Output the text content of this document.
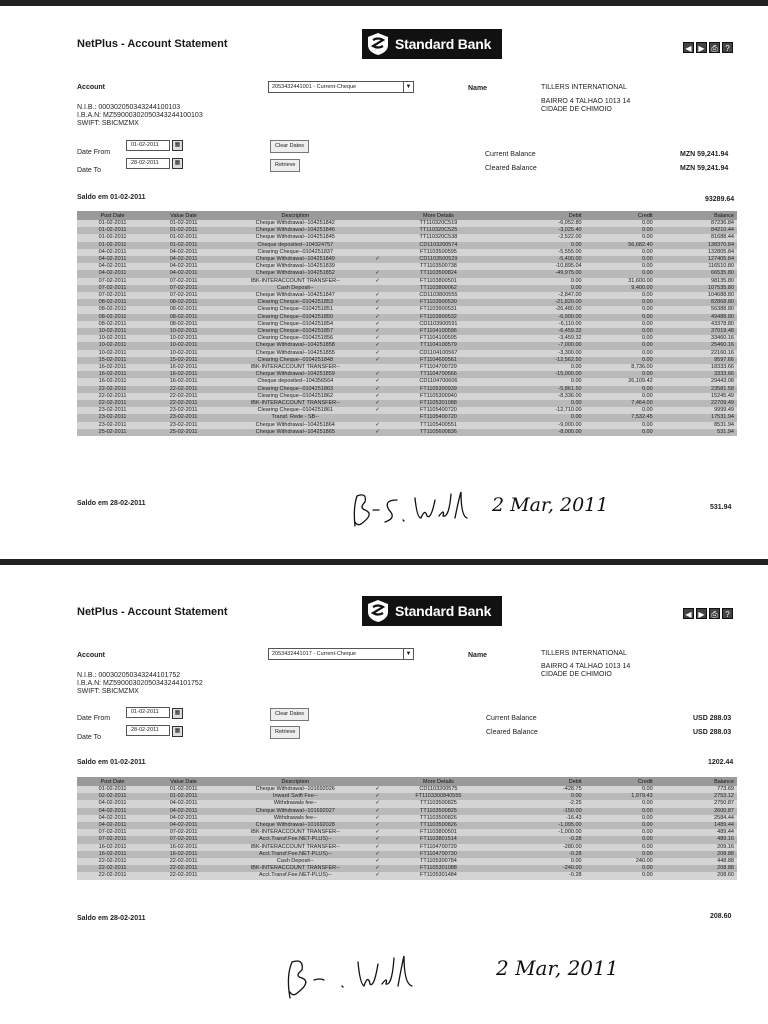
NetPlus - Account Statement	Standard Bank	◀ ▶ ⎙ ?
Account	2053432441001 - Current-Cheque	▼	Name	TILLERS INTERNATIONAL
BAIRRO 4 TALHAO 1013 14
CIDADE DE CHIMOIO
N.I.B.: 000302050343244100103
I.B.A.N: MZ59000302050343244100103
SWIFT: SBICMZMX
Date From
01-02-2011	▦
Date To
28-02-2011	▦
Clear Dates
Retrieve
Current Balance	MZN 59,241.94
Cleared Balance	MZN 59,241.94
Saldo em 01-02-2011	93289.64
Post Date	Value Date	Description		More Details	Debit	Credit	Balance
01-02-2011	01-02-2011	Cheque Withdrawal--104251842		TT110320C519	-6,052.80	0.00	87236.84
01-02-2011	01-02-2011	Cheque Withdrawal--104251846		TT110320C525	-3,025.40	0.00	84210.44
01-02-2011	01-02-2011	Cheque Withdrawal--104251845		TT110320C538	-2,522.00	0.00	81688.44
01-02-2011	01-02-2011	Cheque deposited--104324757		CD1103200574	0.00	56,682.40	138370.84
04-02-2011	04-02-2011	Clearing Cheque--0104251837		FT1103500595	-5,555.00	0.00	132805.84
04-02-2011	04-02-2011	Cheque Withdrawal--104251849	✓	CD1103500529	-5,400.00	0.00	127405.84
04-02-2011	04-02-2011	Cheque Withdrawal--104251839		TT1103500738	-10,895.04	0.00	116510.80
04-02-2011	04-02-2011	Cheque Withdrawal--104251852	✓	TT1103500824	-49,975.00	0.00	66535.80
07-02-2011	07-02-2011	IBK-INTERACCOUNT TRANSFER--	✓	FT1103800501	0.00	31,600.00	98135.80
07-02-2011	07-02-2011	Cash Deposit--		TT1103800062	0.00	9,400.00	107535.80
07-02-2011	07-02-2011	Cheque Withdrawal--104251847	✓	CD1103800555	-2,847.00	0.00	104688.80
08-02-2011	08-02-2011	Clearing Cheque--0104251853	✓	FT1103900530	-21,820.00	0.00	82868.80
08-02-2011	08-02-2011	Clearing Cheque--0104251851	✓	FT1103900531	-26,480.00	0.00	56388.80
08-02-2011	08-02-2011	Clearing Cheque--0104251850	✓	FT1103900532	-6,900.00	0.00	49488.80
08-02-2011	08-02-2011	Clearing Cheque--0104251854	✓	CD1103900591	-6,110.00	0.00	43378.80
10-02-2011	10-02-2011	Clearing Cheque--0104251857	✓	FT1104100596	-6,459.32	0.00	37019.48
10-02-2011	10-02-2011	Clearing Cheque--0104251856	✓	FT1104100595	-3,459.32	0.00	33460.16
10-02-2011	10-02-2011	Cheque Withdrawal--104251858	✓	TT1104100579	-7,000.00	0.00	25460.16
10-02-2011	10-02-2011	Cheque Withdrawal--104251855	✓	CD1104100567	-3,300.00	0.00	22160.16
15-02-2011	15-02-2011	Clearing Cheque--0104251848	✓	FT1104600561	-12,562.50	0.00	9597.66
16-02-2011	16-02-2011	IBK-INTERACCOUNT TRANSFER--		FT1104700729	0.00	8,736.00	18333.66
16-02-2011	16-02-2011	Cheque Withdrawal--104251859	✓	TT1104700566	-15,000.00	0.00	3333.66
16-02-2011	16-02-2011	Cheque deposited--104356564	✓	CD1104700606	0.00	26,109.42	29443.08
22-02-2011	22-02-2011	Clearing Cheque--0104251863	✓	FT1105300939	-5,861.50	0.00	23581.58
22-02-2011	22-02-2011	Clearing Cheque--0104251862	✓	FT1105300940	-8,336.00	0.00	15245.49
22-02-2011	22-02-2011	IBK-INTERACCOUNT TRANSFER--	✓	FT1105301088	0.00	7,464.00	22709.49
23-02-2011	23-02-2011	Clearing Cheque--0104251861	✓	FT1105400720	-12,710.00	0.00	9999.49
23-02-2011	23-02-2011	Transf. Rede - SB--		FT1105400720	0.00	7,532.45	17531.94
23-02-2011	23-02-2011	Cheque Withdrawal--104251864	✓	TT1105400551	-9,000.00	0.00	8531.94
25-02-2011	25-02-2011	Cheque Withdrawal--104251865	✓	TT1105600836	-8,000.00	0.00	531.94
Saldo em 28-02-2011
531.94
2 Mar, 2011
NetPlus - Account Statement	Standard Bank	◀ ▶ ⎙ ?
Account	2053432441017 - Current-Cheque	▼	Name	TILLERS INTERNATIONAL
BAIRRO 4 TALHAO 1013 14
CIDADE DE CHIMOIO
N.I.B.: 000302050343244101752
I.B.A.N: MZ59000302050343244101752
SWIFT: SBICMZMX
Date From
01-02-2011	▦
Date To
28-02-2011	▦
Clear Dates
Retrieve
Current Balance	USD 288.03
Cleared Balance	USD 288.03
Saldo em 01-02-2011	1202.44
Post Date	Value Date	Description		More Details	Debit	Credit	Balance
01-02-2011	01-02-2011	Cheque Withdrawal--101692026	✓	CD1103200575	-428.75	0.00	773.69
02-02-2011	01-02-2011	Inward Swift Fee--	✓	FT1103300840555	0.00	1,979.43	2753.12
04-02-2011	04-02-2011	Withdrawals fee--	✓	TT1103500825	-2.25	0.00	2750.87
04-02-2011	04-02-2011	Cheque Withdrawal--101692027	✓	TT1103500825	-150.00	0.00	2600.87
04-02-2011	04-02-2011	Withdrawals fee--	✓	TT1103500826	-16.43	0.00	2584.44
04-02-2011	04-02-2011	Cheque Withdrawal--101692028	✓	TT1103500826	-1,095.00	0.00	1489.44
07-02-2011	07-02-2011	IBK-INTERACCOUNT TRANSFER--	✓	FT1103800501	-1,000.00	0.00	489.44
07-02-2011	07-02-2011	Acct.Transf.Fee.NET-PLUS)--	✓	FT1103801514	-0.28	0.00	489.16
16-02-2011	16-02-2011	IBK-INTERACCOUNT TRANSFER--	✓	FT1104700729	-280.00	0.00	209.16
16-02-2011	16-02-2011	Acct.Transf.Fee.NET-PLUS)--	✓	FT1104700730	-0.28	0.00	208.88
22-02-2011	22-02-2011	Cash Deposit--	✓	TT1105300784	0.00	240.00	448.88
22-02-2011	22-02-2011	IBK-INTERACCOUNT TRANSFER--	✓	FT1105301088	-240.00	0.00	208.88
22-02-2011	22-02-2011	Acct.Transf.Fee.NET-PLUS)--	✓	FT1105301484	-0.28	0.00	208.60
Saldo em 28-02-2011	208.60
2 Mar, 2011
